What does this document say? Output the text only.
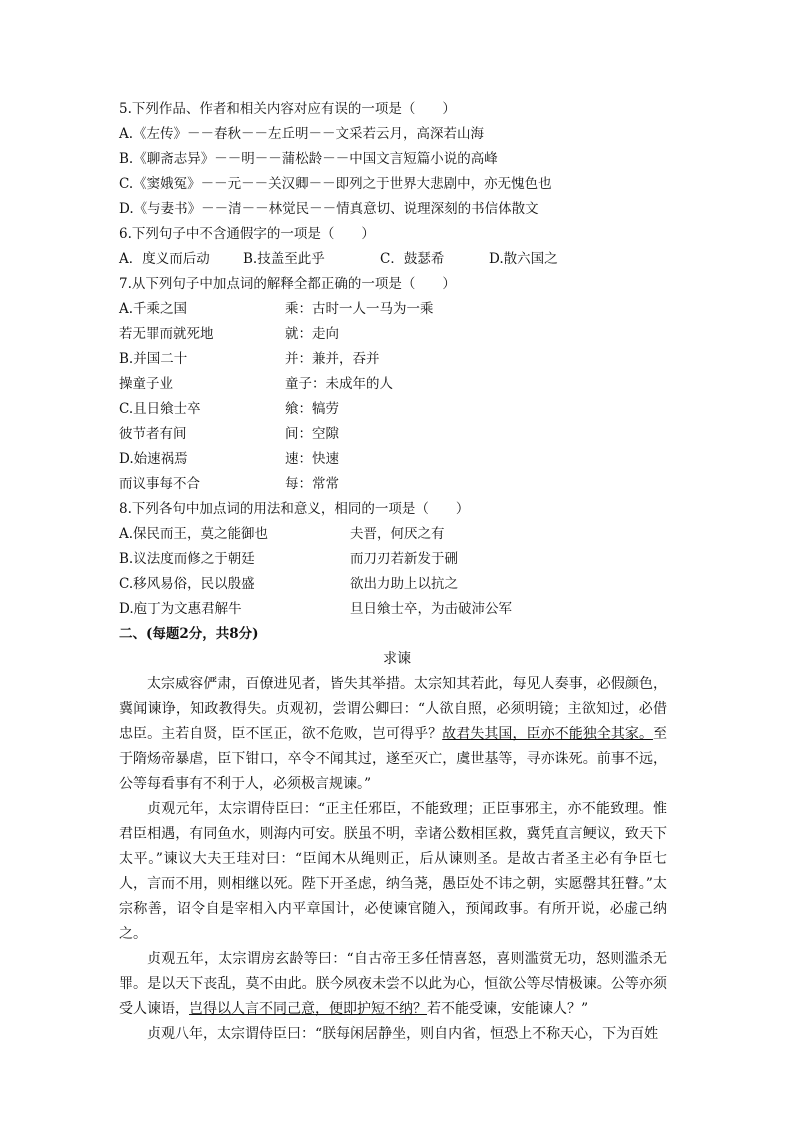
5.下列作品、作者和相关内容对应有误的一项是（　　）
A.《左传》－－春秋－－左丘明－－文采若云月，高深若山海
B.《聊斋志异》－－明－－蒲松龄－－中国文言短篇小说的高峰
C.《窦娥冤》－－元－－关汉卿－－即列之于世界大悲剧中，亦无愧色也
D.《与妻书》－－清－－林觉民－－情真意切、说理深刻的书信体散文
6.下列句子中不含通假字的一项是（　　）
A．度义而后动 B.技盖至此乎	C．鼓瑟希	D.散六国之
7.从下列句子中加点词的解释全都正确的一项是（　　）
A.千乘之国	乘：古时一人一马为一乘
若无罪而就死地	就：走向
B.并国二十	并：兼并，吞并
操童子业	童子：未成年的人
C.且日飨士卒	飨：犒劳
彼节者有间	间：空隙
D.始速祸焉	速：快速
而议事每不合	每：常常
8.下列各句中加点词的用法和意义，相同的一项是（　　）
A.保民而王，莫之能御也	夫晋，何厌之有
B.议法度而修之于朝廷	而刀刃若新发于硎
C.移风易俗，民以殷盛	欲出力助上以抗之
D.庖丁为文惠君解牛	旦日飨士卒，为击破沛公军
二、(每题2分，共8分)
求谏

太宗威容俨肃，百僚进见者，皆失其举措。太宗知其若此，每见人奏事，必假颜色，冀闻谏诤，知政教得失。贞观初，尝谓公卿曰：“人欲自照，必须明镜；主欲知过，必借忠臣。主若自贤，臣不匡正，欲不危败，岂可得乎？故君失其国，臣亦不能独全其家。至于隋炀帝暴虐，臣下钳口，卒令不闻其过，遂至灭亡，虞世基等，寻亦诛死。前事不远，公等每看事有不利于人，必须极言规谏。”

贞观元年，太宗谓侍臣曰：“正主任邪臣，不能致理；正臣事邪主，亦不能致理。惟君臣相遇，有同鱼水，则海内可安。朕虽不明，幸诸公数相匡救，冀凭直言鲠议，致天下太平。”谏议大夫王珪对曰：“臣闻木从绳则正，后从谏则圣。是故古者圣主必有争臣七人，言而不用，则相继以死。陛下开圣虑，纳刍荛，愚臣处不讳之朝，实愿罄其狂瞽。”太宗称善，诏令自是宰相入内平章国计，必使谏官随入，预闻政事。有所开说，必虚己纳之。

贞观五年，太宗谓房玄龄等曰：“自古帝王多任情喜怒，喜则滥赏无功，怒则滥杀无罪。是以天下丧乱，莫不由此。朕今夙夜未尝不以此为心，恒欲公等尽情极谏。公等亦须受人谏语，岂得以人言不同己意，便即护短不纳？若不能受谏，安能谏人？”

贞观八年，太宗谓侍臣曰：“朕每闲居静坐，则自内省，恒恐上不称天心，下为百姓
